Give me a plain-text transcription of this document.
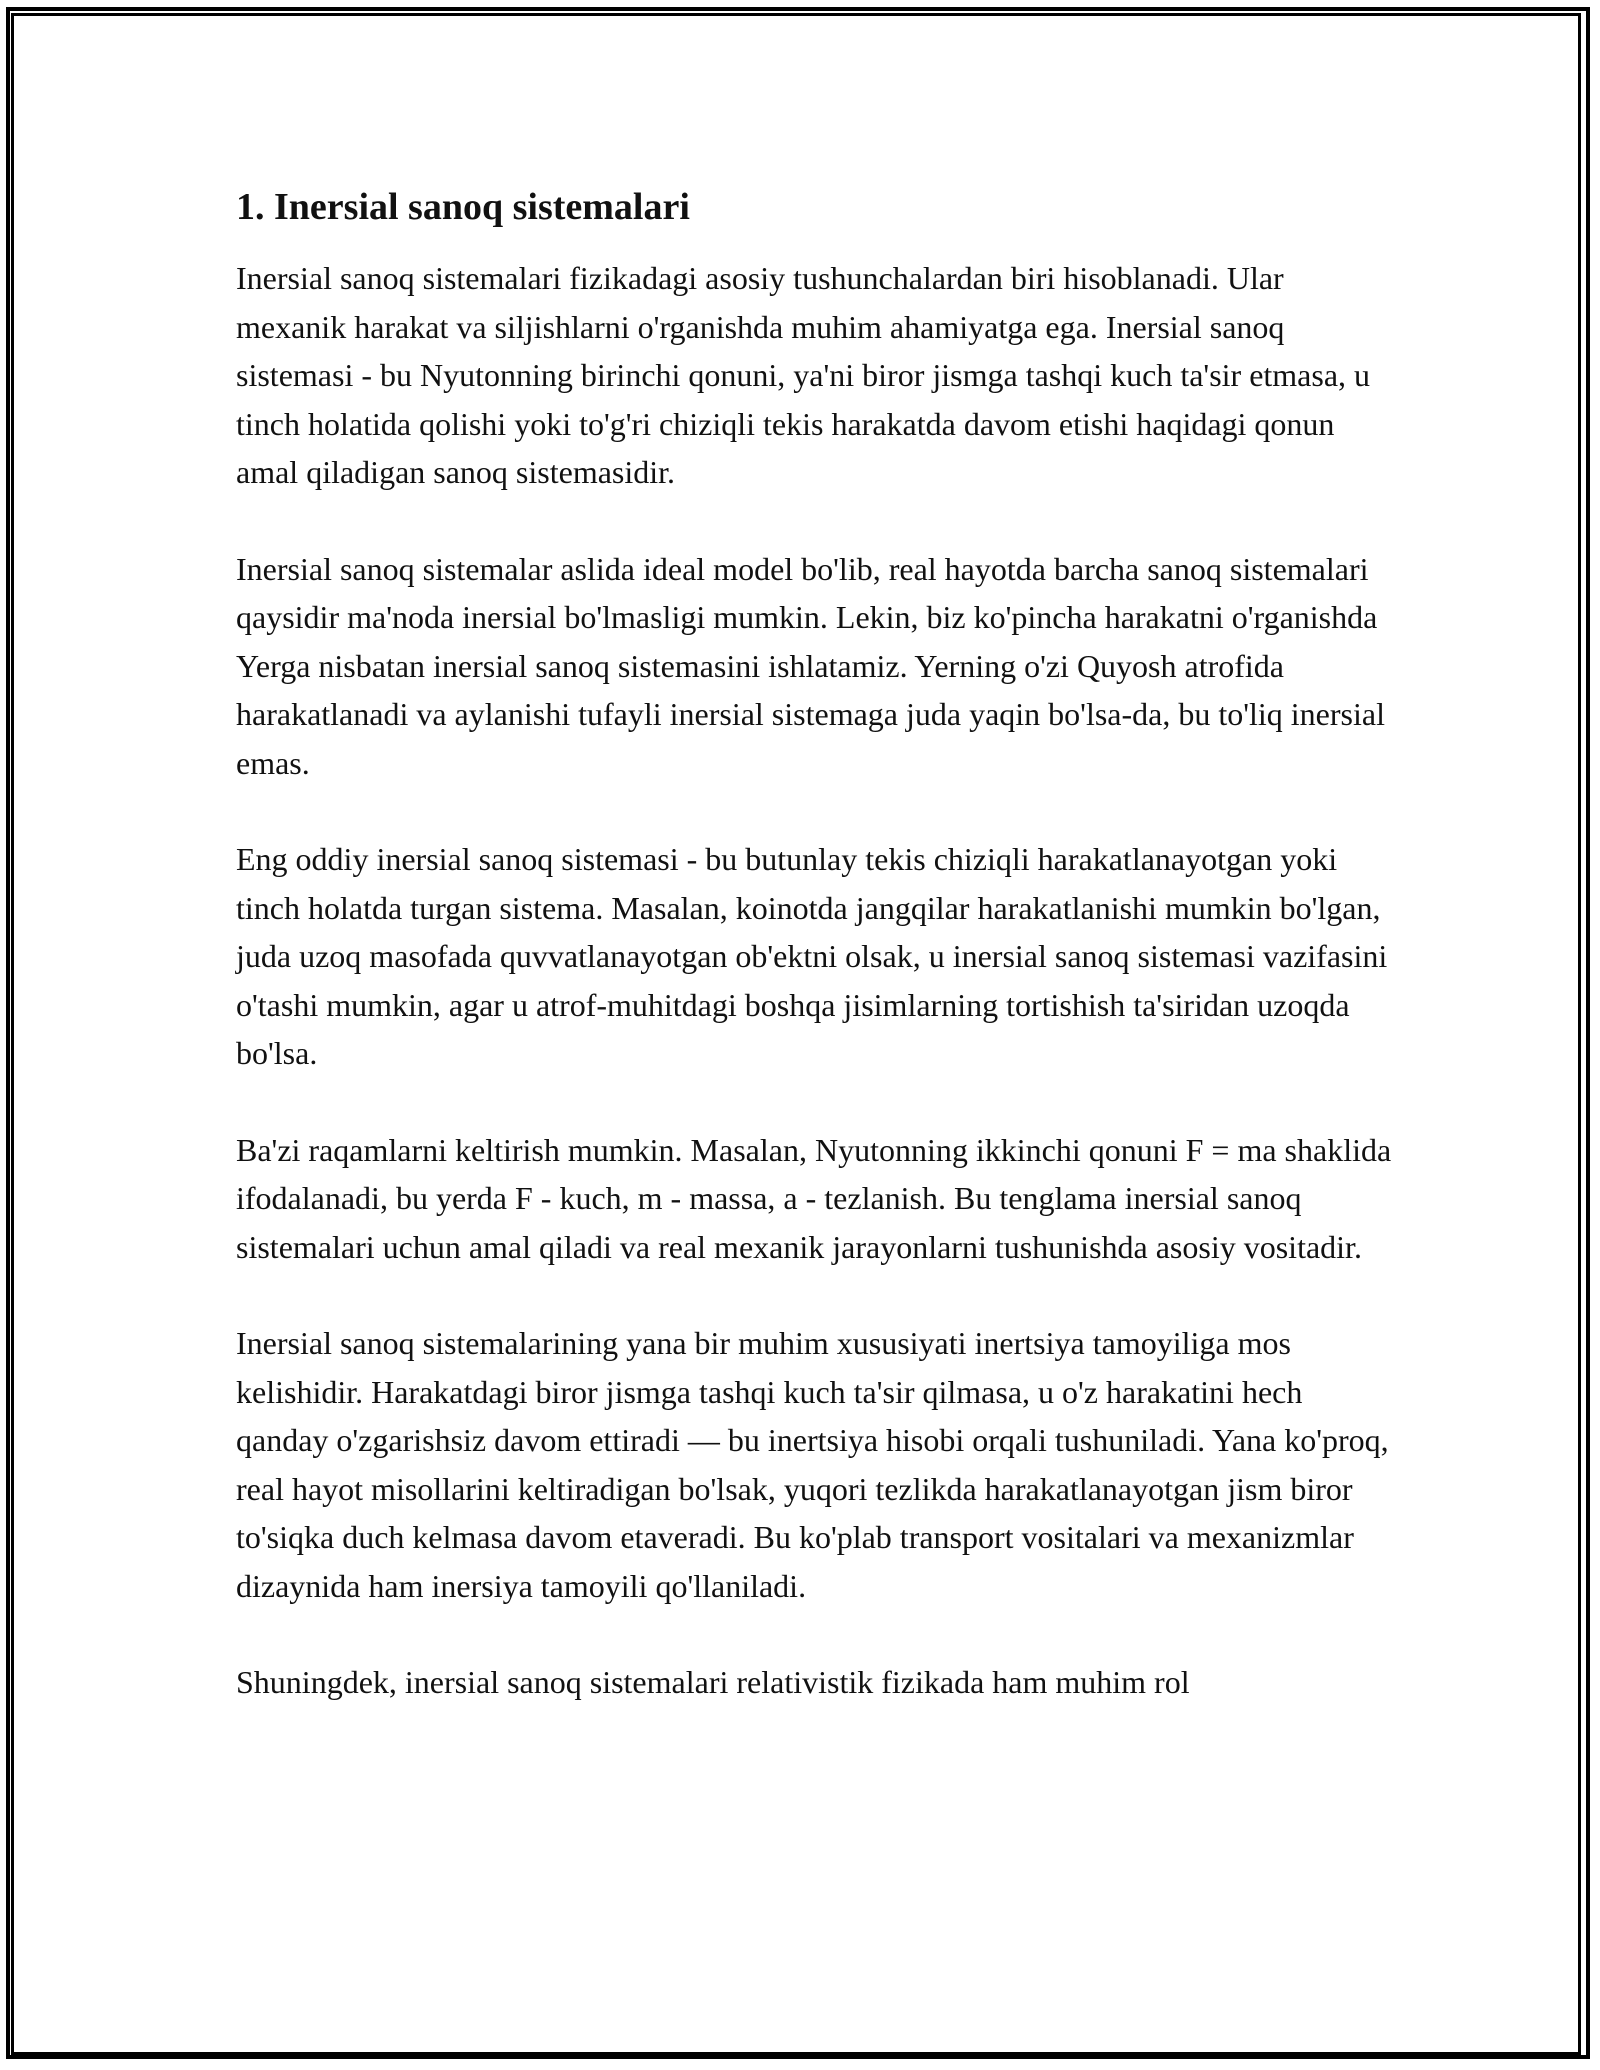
1. Inersial sanoq sistemalari

Inersial sanoq sistemalari fizikadagi asosiy tushunchalardan biri hisoblanadi. Ular mexanik harakat va siljishlarni o'rganishda muhim ahamiyatga ega. Inersial sanoq sistemasi - bu Nyutonning birinchi qonuni, ya'ni biror jismga tashqi kuch ta'sir etmasa, u tinch holatida qolishi yoki to'g'ri chiziqli tekis harakatda davom etishi haqidagi qonun amal qiladigan sanoq sistemasidir.

Inersial sanoq sistemalar aslida ideal model bo'lib, real hayotda barcha sanoq sistemalari qaysidir ma'noda inersial bo'lmasligi mumkin. Lekin, biz ko'pincha harakatni o'rganishda Yerga nisbatan inersial sanoq sistemasini ishlatamiz. Yerning o'zi Quyosh atrofida harakatlanadi va aylanishi tufayli inersial sistemaga juda yaqin bo'lsa-da, bu to'liq inersial emas.

Eng oddiy inersial sanoq sistemasi - bu butunlay tekis chiziqli harakatlanayotgan yoki tinch holatda turgan sistema. Masalan, koinotda jangqilar harakatlanishi mumkin bo'lgan, juda uzoq masofada quvvatlanayotgan ob'ektni olsak, u inersial sanoq sistemasi vazifasini o'tashi mumkin, agar u atrof-muhitdagi boshqa jisimlarning tortishish ta'siridan uzoqda bo'lsa.

Ba'zi raqamlarni keltirish mumkin. Masalan, Nyutonning ikkinchi qonuni F = ma shaklida ifodalanadi, bu yerda F - kuch, m - massa, a - tezlanish. Bu tenglama inersial sanoq sistemalari uchun amal qiladi va real mexanik jarayonlarni tushunishda asosiy vositadir.

Inersial sanoq sistemalarining yana bir muhim xususiyati inertsiya tamoyiliga mos kelishidir. Harakatdagi biror jismga tashqi kuch ta'sir qilmasa, u o'z harakatini hech qanday o'zgarishsiz davom ettiradi — bu inertsiya hisobi orqali tushuniladi. Yana ko'proq, real hayot misollarini keltiradigan bo'lsak, yuqori tezlikda harakatlanayotgan jism biror to'siqka duch kelmasa davom etaveradi. Bu ko'plab transport vositalari va mexanizmlar dizaynida ham inersiya tamoyili qo'llaniladi.

Shuningdek, inersial sanoq sistemalari relativistik fizikada ham muhim rol
